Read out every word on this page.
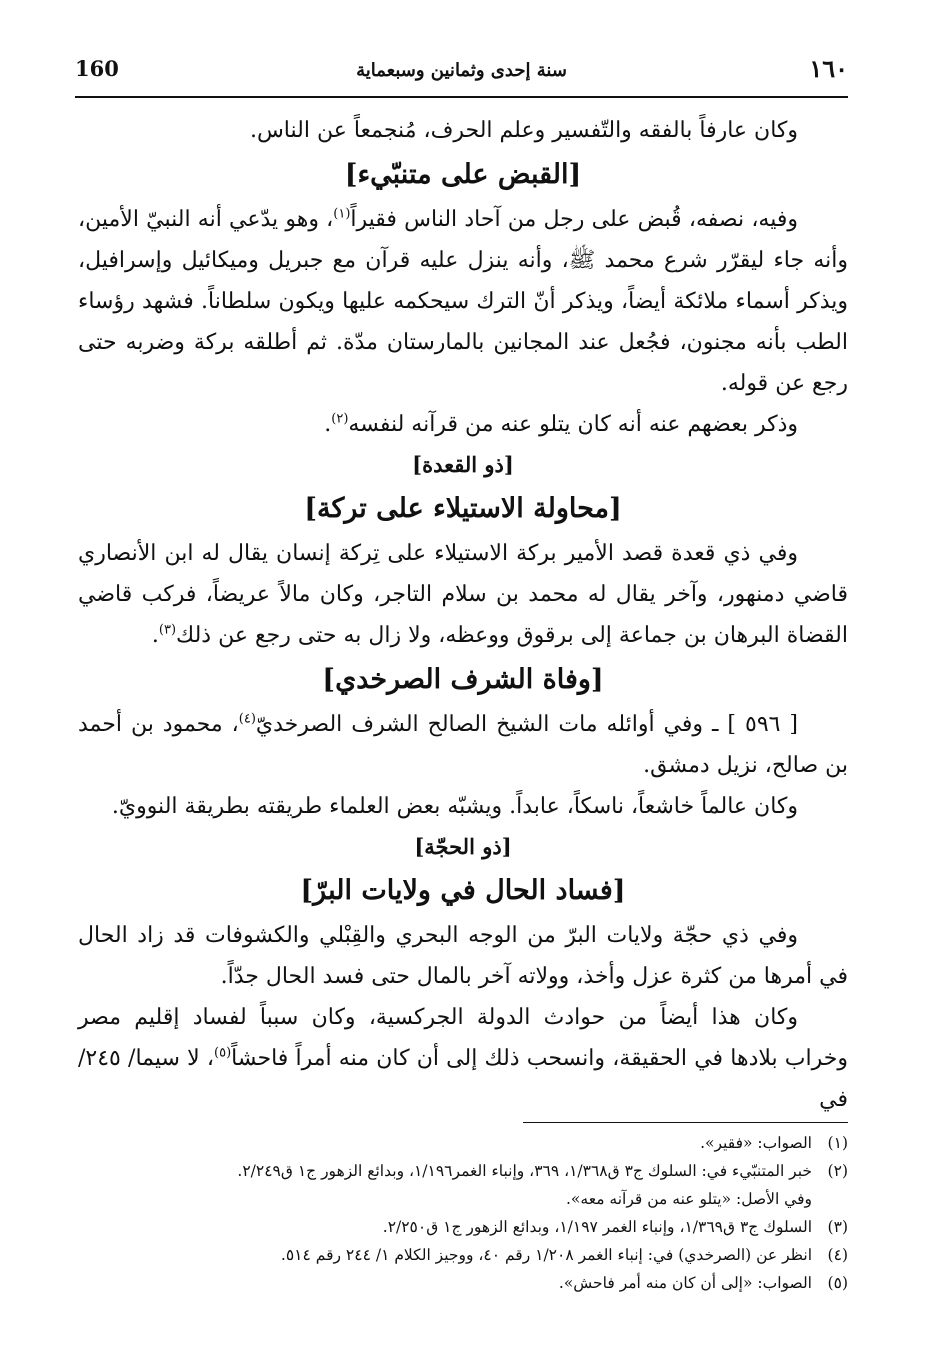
١٦٠
سنة إحدى وثمانين وسبعماية
160

وكان عارفاً بالفقه والتّفسير وعلم الحرف، مُنجمعاً عن الناس.

[القبض على متنبّيء]

وفيه، نصفه، قُبض على رجل من آحاد الناس فقيراً$^{(١)}$، وهو يدّعي أنه النبيّ الأمين، وأنه جاء ليقرّر شرع محمد ﷺ، وأنه ينزل عليه قرآن مع جبريل وميكائيل وإسرافيل، ويذكر أسماء ملائكة أيضاً، ويذكر أنّ الترك سيحكمه عليها ويكون سلطاناً. فشهد رؤساء الطب بأنه مجنون، فجُعل عند المجانين بالمارستان مدّة. ثم أطلقه بركة وضربه حتى رجع عن قوله.

وذكر بعضهم عنه أنه كان يتلو عنه من قرآنه لنفسه$^{(٢)}$.

[ذو القعدة]

[محاولة الاستيلاء على تركة]

وفي ذي قعدة قصد الأمير بركة الاستيلاء على تِركة إنسان يقال له ابن الأنصاري قاضي دمنهور، وآخر يقال له محمد بن سلام التاجر، وكان مالاً عريضاً، فركب قاضي القضاة البرهان بن جماعة إلى برقوق ووعظه، ولا زال به حتى رجع عن ذلك$^{(٣)}$.

[وفاة الشرف الصرخدي]

[ ٥٩٦ ] ـ وفي أوائله مات الشيخ الصالح الشرف الصرخديّ$^{(٤)}$، محمود بن أحمد بن صالح، نزيل دمشق.

وكان عالماً خاشعاً، ناسكاً، عابداً. ويشبّه بعض العلماء طريقته بطريقة النوويّ.

[ذو الحجّة]

[فساد الحال في ولايات البرّ]

وفي ذي حجّة ولايات البرّ من الوجه البحري والقِبْلي والكشوفات قد زاد الحال في أمرها من كثرة عزل وأخذ، وولاته آخر بالمال حتى فسد الحال جدّاً.

وكان هذا أيضاً من حوادث الدولة الجركسية، وكان سبباً لفساد إقليم مصر وخراب بلادها في الحقيقة، وانسحب ذلك إلى أن كان منه أمراً فاحشاً$^{(٥)}$، لا سيما/ ٢٤٥/ في

(١)الصواب: «فقير».

(٢)خبر المتنبّيء في: السلوك ج٣ ق١/٣٦٨، ٣٦٩، وإنباء الغمر١/١٩٦، وبدائع الزهور ج١ ق٢/٢٤٩.

وفي الأصل: «يتلو عنه من قرآنه معه».

(٣)السلوك ج٣ ق١/٣٦٩، وإنباء الغمر ١/١٩٧، وبدائع الزهور ج١ ق٢/٢٥٠.

(٤)انظر عن (الصرخدي) في: إنباء الغمر ١/٢٠٨ رقم ٤٠، ووجيز الكلام ١/ ٢٤٤ رقم ٥١٤.

(٥)الصواب: «إلى أن كان منه أمر فاحش».
